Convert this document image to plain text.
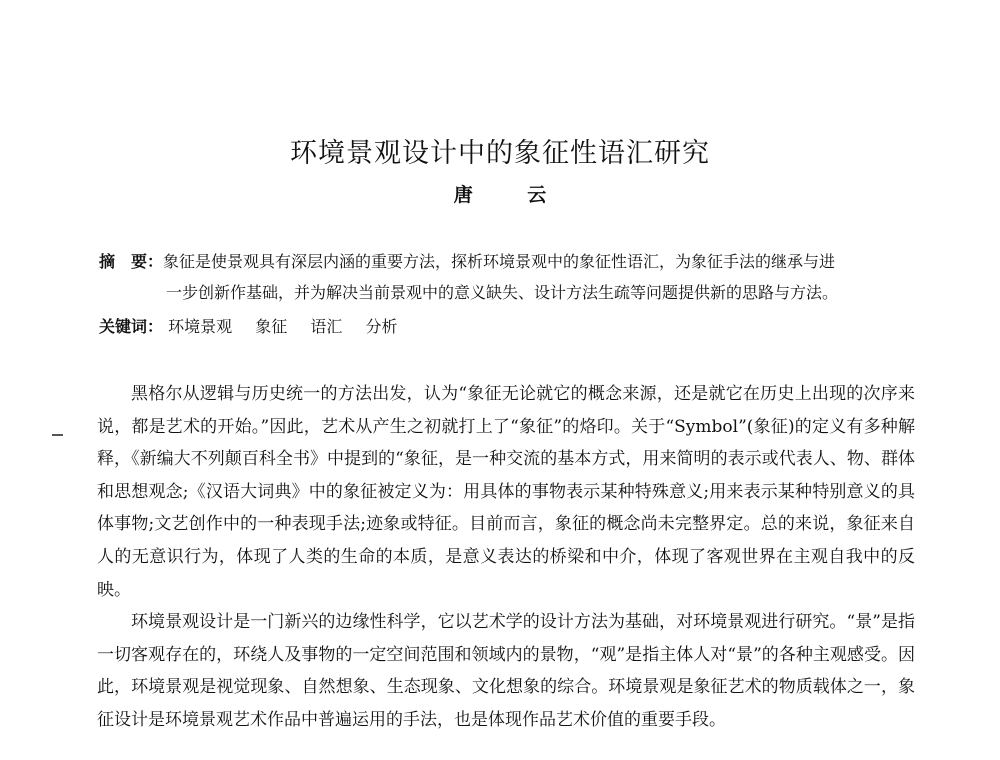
环境景观设计中的象征性语汇研究
唐 云
摘　要：象征是使景观具有深层内涵的重要方法，探析环境景观中的象征性语汇，为象征手法的继承与进
一步创新作基础，并为解决当前景观中的意义缺失、设计方法生疏等问题提供新的思路与方法。
关键词： 环境景观 象征 语汇 分析

黑格尔从逻辑与历史统一的方法出发，认为“象征无论就它的概念来源，还是就它在历史上出现的次序来说，都是艺术的开始。”因此，艺术从产生之初就打上了“象征”的烙印。关于“Symbol”(象征)的定义有多种解释，《新编大不列颠百科全书》中提到的“象征，是一种交流的基本方式，用来简明的表示或代表人、物、群体和思想观念;《汉语大词典》中的象征被定义为：用具体的事物表示某种特殊意义;用来表示某种特别意义的具体事物;文艺创作中的一种表现手法;迹象或特征。目前而言，象征的概念尚未完整界定。总的来说，象征来自人的无意识行为，体现了人类的生命的本质，是意义表达的桥梁和中介，体现了客观世界在主观自我中的反映。

环境景观设计是一门新兴的边缘性科学，它以艺术学的设计方法为基础，对环境景观进行研究。“景”是指一切客观存在的，环绕人及事物的一定空间范围和领域内的景物，“观”是指主体人对“景”的各种主观感受。因此，环境景观是视觉现象、自然想象、生态现象、文化想象的综合。环境景观是象征艺术的物质载体之一，象征设计是环境景观艺术作品中普遍运用的手法，也是体现作品艺术价值的重要手段。
